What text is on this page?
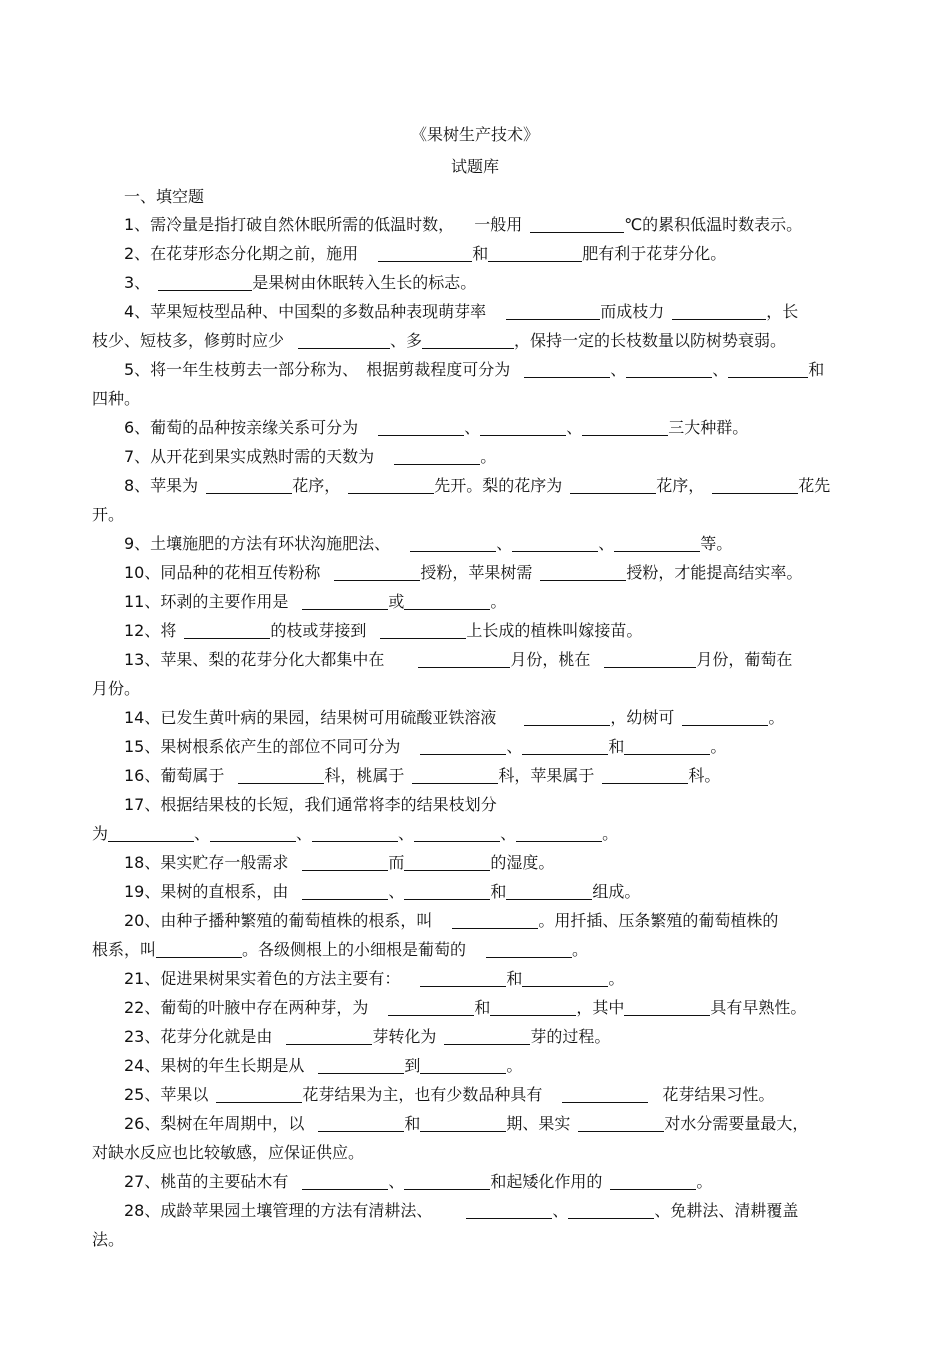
《果树生产技术》
试题库
一、填空题
1、需冷量是指打破自然休眠所需的低温时数， 一般用	℃的累积低温时数表示。
2、在花芽形态分化期之前，施用	和	肥有利于花芽分化。
3、	是果树由休眠转入生长的标志。
4、苹果短枝型品种、中国梨的多数品种表现萌芽率	而成枝力	，长
枝少、短枝多，修剪时应少	、多	，保持一定的长枝数量以防树势衰弱。
5、将一年生枝剪去一部分称为、 根据剪裁程度可分为	、	、	和
四种。
6、葡萄的品种按亲缘关系可分为	、	、	三大种群。
7、从开花到果实成熟时需的天数为	。
8、苹果为	花序，	先开。梨的花序为	花序，	花先
开。
9、土壤施肥的方法有环状沟施肥法、	、	、	等。
10、同品种的花相互传粉称	授粉，苹果树需	授粉，才能提高结实率。
11、环剥的主要作用是	或	。
12、将	的枝或芽接到	上长成的植株叫嫁接苗。
13、苹果、梨的花芽分化大都集中在	月份，桃在	月份，葡萄在
月份。
14、已发生黄叶病的果园，结果树可用硫酸亚铁溶液	，幼树可	。
15、果树根系依产生的部位不同可分为	、	和	。
16、葡萄属于	科，桃属于	科，苹果属于	科。
17、根据结果枝的长短，我们通常将李的结果枝划分
为	、	、	、	、	。
18、果实贮存一般需求	而	的湿度。
19、果树的直根系，由	、	和	组成。
20、由种子播种繁殖的葡萄植株的根系，叫	。用扦插、压条繁殖的葡萄植株的
根系，叫	。各级侧根上的小细根是葡萄的	。
21、促进果树果实着色的方法主要有：	和	。
22、葡萄的叶腋中存在两种芽，为	和	，其中	具有早熟性。
23、花芽分化就是由	芽转化为	芽的过程。
24、果树的年生长期是从	到	。
25、苹果以	花芽结果为主，也有少数品种具有	花芽结果习性。
26、梨树在年周期中，以	和	期、果实	对水分需要量最大，
对缺水反应也比较敏感，应保证供应。
27、桃苗的主要砧木有	、	和起矮化作用的	。
28、成龄苹果园土壤管理的方法有清耕法、	、	、免耕法、清耕覆盖
法。
